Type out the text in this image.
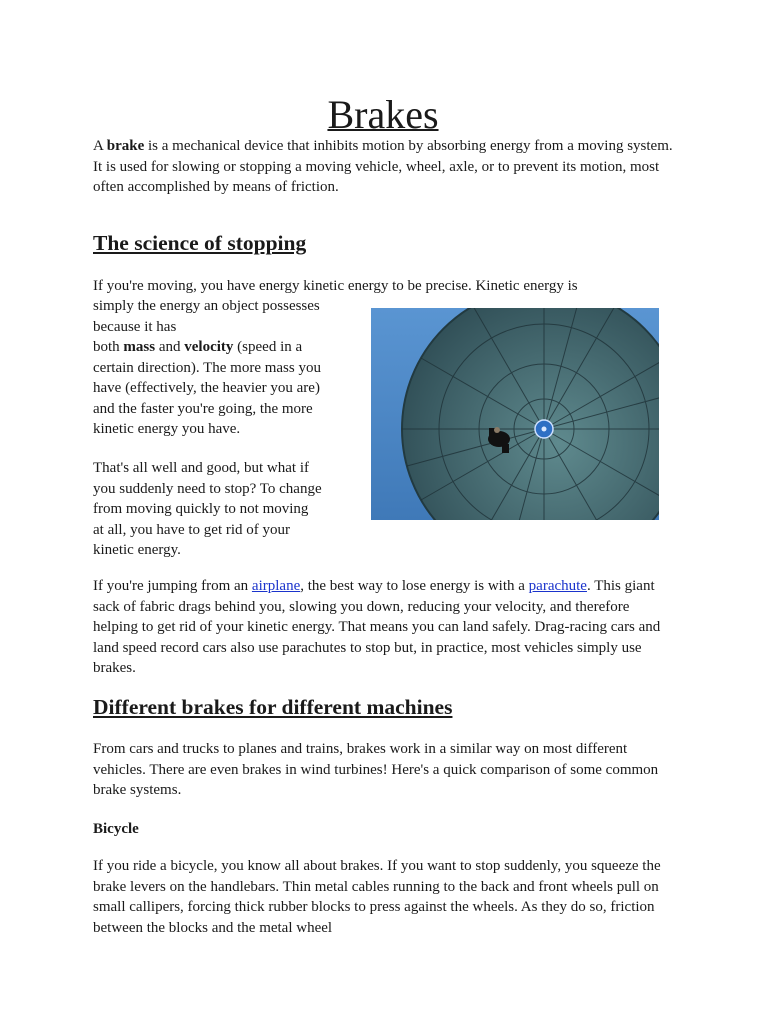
Brakes

A brake is a mechanical device that inhibits motion by absorbing energy from a moving system. It is used for slowing or stopping a moving vehicle, wheel, axle, or to prevent its motion, most often accomplished by means of friction.

The science of stopping

If you're moving, you have energy kinetic energy to be precise. Kinetic energy is

simply the energy an object possesses
because it has
both mass and velocity (speed in a
certain direction). The more mass you
have (effectively, the heavier you are)
and the faster you're going, the more
kinetic energy you have.
That's all well and good, but what if
you suddenly need to stop? To change
from moving quickly to not moving
at all, you have to get rid of your
kinetic energy.

If you're jumping from an airplane, the best way to lose energy is with a parachute. This giant sack of fabric drags behind you, slowing you down, reducing your velocity, and therefore helping to get rid of your kinetic energy. That means you can land safely. Drag-racing cars and land speed record cars also use parachutes to stop but, in practice, most vehicles simply use brakes.

Different brakes for different machines

From cars and trucks to planes and trains, brakes work in a similar way on most different vehicles. There are even brakes in wind turbines! Here's a quick comparison of some common brake systems.

Bicycle

If you ride a bicycle, you know all about brakes. If you want to stop suddenly, you squeeze the brake levers on the handlebars. Thin metal cables running to the back and front wheels pull on small callipers, forcing thick rubber blocks to press against the wheels. As they do so, friction between the blocks and the metal wheel
